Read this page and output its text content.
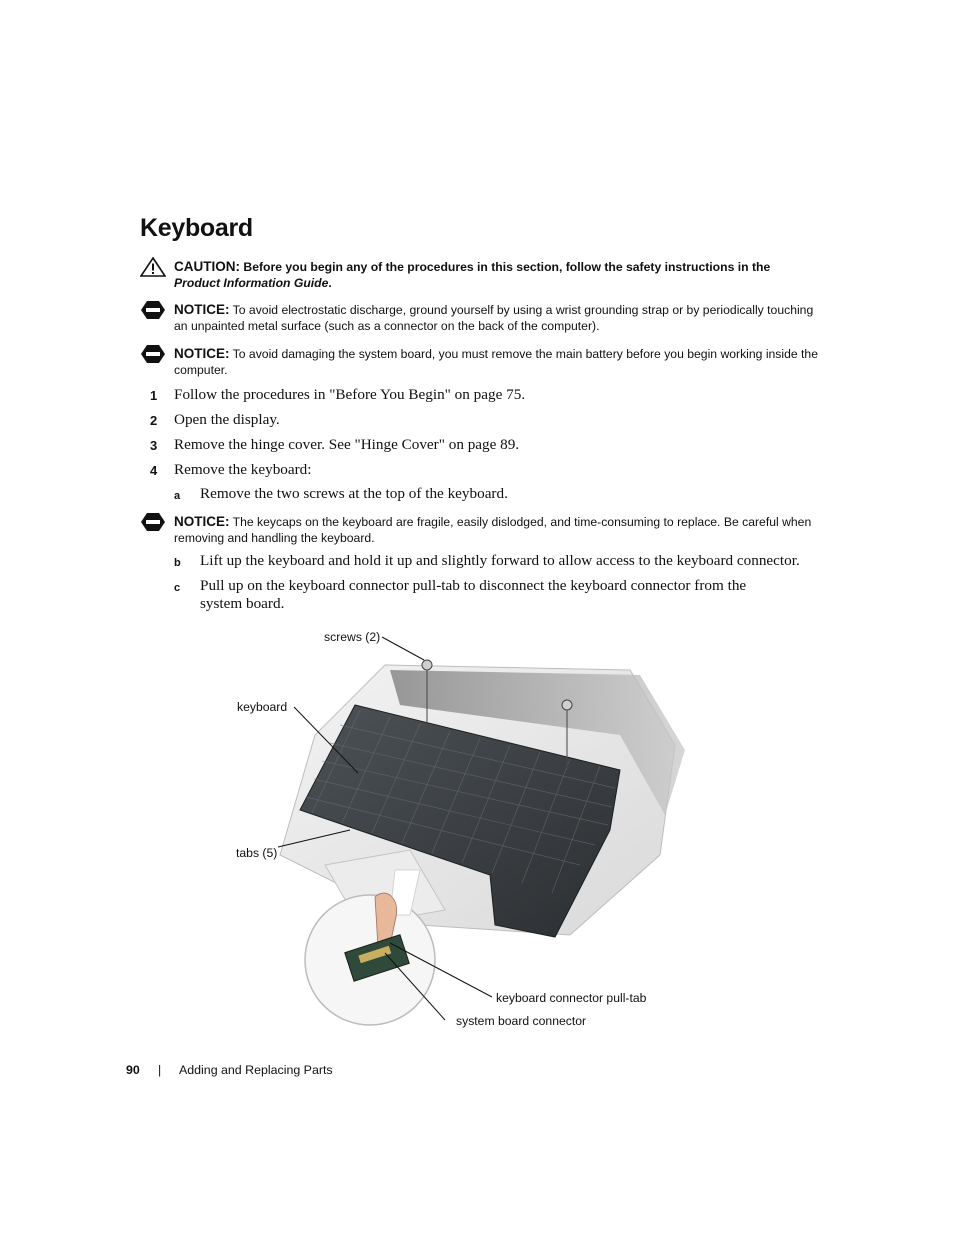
Keyboard
CAUTION: Before you begin any of the procedures in this section, follow the safety instructions in the
Product Information Guide.
NOTICE: To avoid electrostatic discharge, ground yourself by using a wrist grounding strap or by periodically touching an unpainted metal surface (such as a connector on the back of the computer).
NOTICE: To avoid damaging the system board, you must remove the main battery before you begin working inside the computer.
1 Follow the procedures in "Before You Begin" on page 75.
2 Open the display.
3 Remove the hinge cover. See "Hinge Cover" on page 89.
4 Remove the keyboard:
a Remove the two screws at the top of the keyboard.
NOTICE: The keycaps on the keyboard are fragile, easily dislodged, and time-consuming to replace. Be careful when removing and handling the keyboard.
b Lift up the keyboard and hold it up and slightly forward to allow access to the keyboard connector.
c Pull up on the keyboard connector pull-tab to disconnect the keyboard connector from the system board.
screws (2)
keyboard
tabs (5)
keyboard connector pull-tab
system board connector
90 | Adding and Replacing Parts
